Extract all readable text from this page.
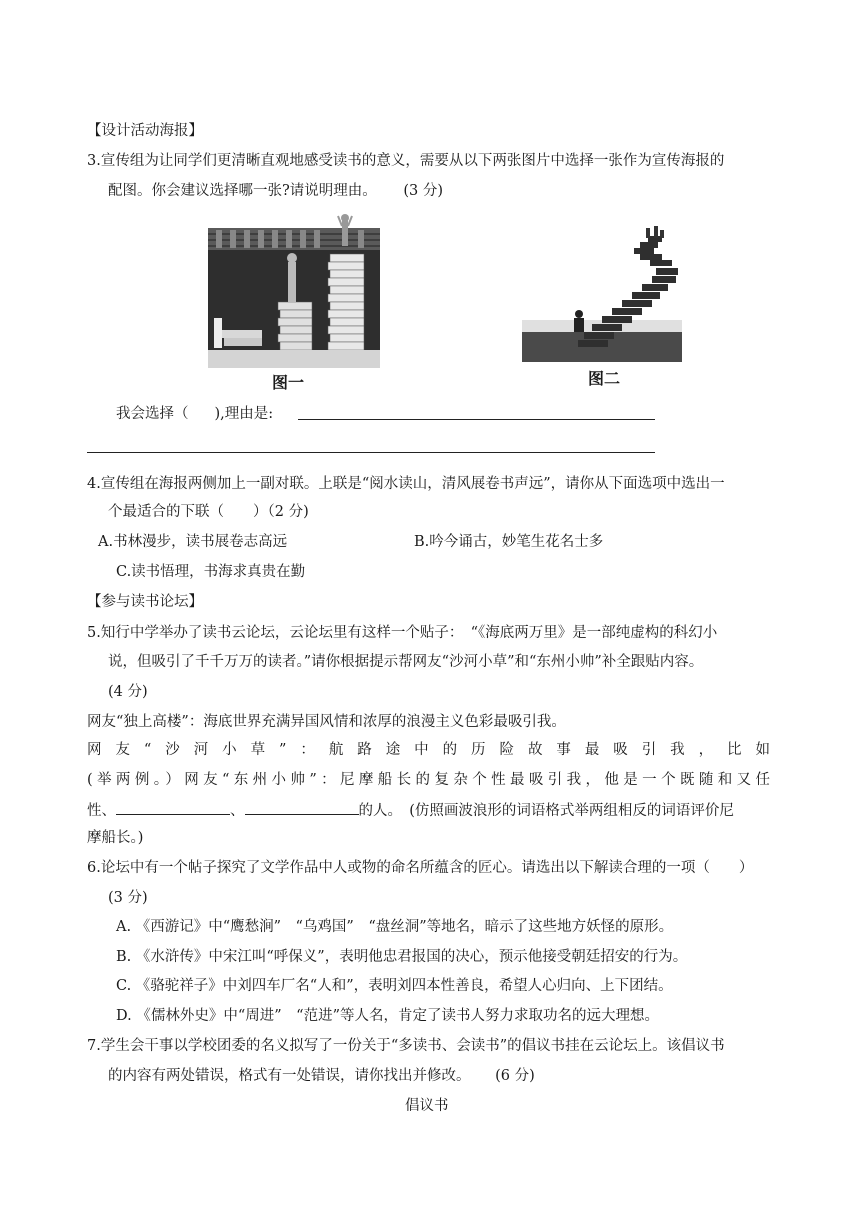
【设计活动海报】
3.宣传组为让同学们更清晰直观地感受读书的意义，需要从以下两张图片中选择一张作为宣传海报的
配图。你会建议选择哪一张?请说明理由。 (3 分)
图一	图二
我会选择（ ),理由是:
4.宣传组在海报两侧加上一副对联。上联是“阅水读山，清风展卷书声远”，请你从下面选项中选出一
个最适合的下联（　　）（2 分)
A.书林漫步，读书展卷志高远	B.吟今诵古，妙笔生花名士多
C.读书悟理，书海求真贵在勤
【参与读书论坛】
5.知行中学举办了读书云论坛，云论坛里有这样一个贴子：　“《海底两万里》是一部纯虚构的科幻小
说，但吸引了千千万万的读者。”请你根据提示帮网友“沙河小草”和“东州小帅”补全跟贴内容。
(4 分)
网友“独上高楼”：海底世界充满异国风情和浓厚的浪漫主义色彩最吸引我。
网友“沙河小草”：航路途中的历险故事最吸引我，比如
(举两例。）网友“东州小帅”：尼摩船长的复杂个性最吸引我，他是一个既随和又任
性、	、	的人。　(仿照画波浪形的词语格式举两组相反的词语评价尼
摩船长。)
6.论坛中有一个帖子探究了文学作品中人或物的命名所蕴含的匠心。请选出以下解读合理的一项（　　）
(3 分)
A. 《西游记》中“鹰愁涧”　“乌鸡国”　“盘丝洞”等地名，暗示了这些地方妖怪的原形。
B. 《水浒传》中宋江叫“呼保义”，表明他忠君报国的决心，预示他接受朝廷招安的行为。
C. 《骆驼祥子》中刘四车厂名“人和”，表明刘四本性善良，希望人心归向、上下团结。
D. 《儒林外史》中“周进”　“范进”等人名，肯定了读书人努力求取功名的远大理想。
7.学生会干事以学校团委的名义拟写了一份关于“多读书、会读书”的倡议书挂在云论坛上。该倡议书
的内容有两处错误，格式有一处错误，请你找出并修改。 (6 分)
倡议书
